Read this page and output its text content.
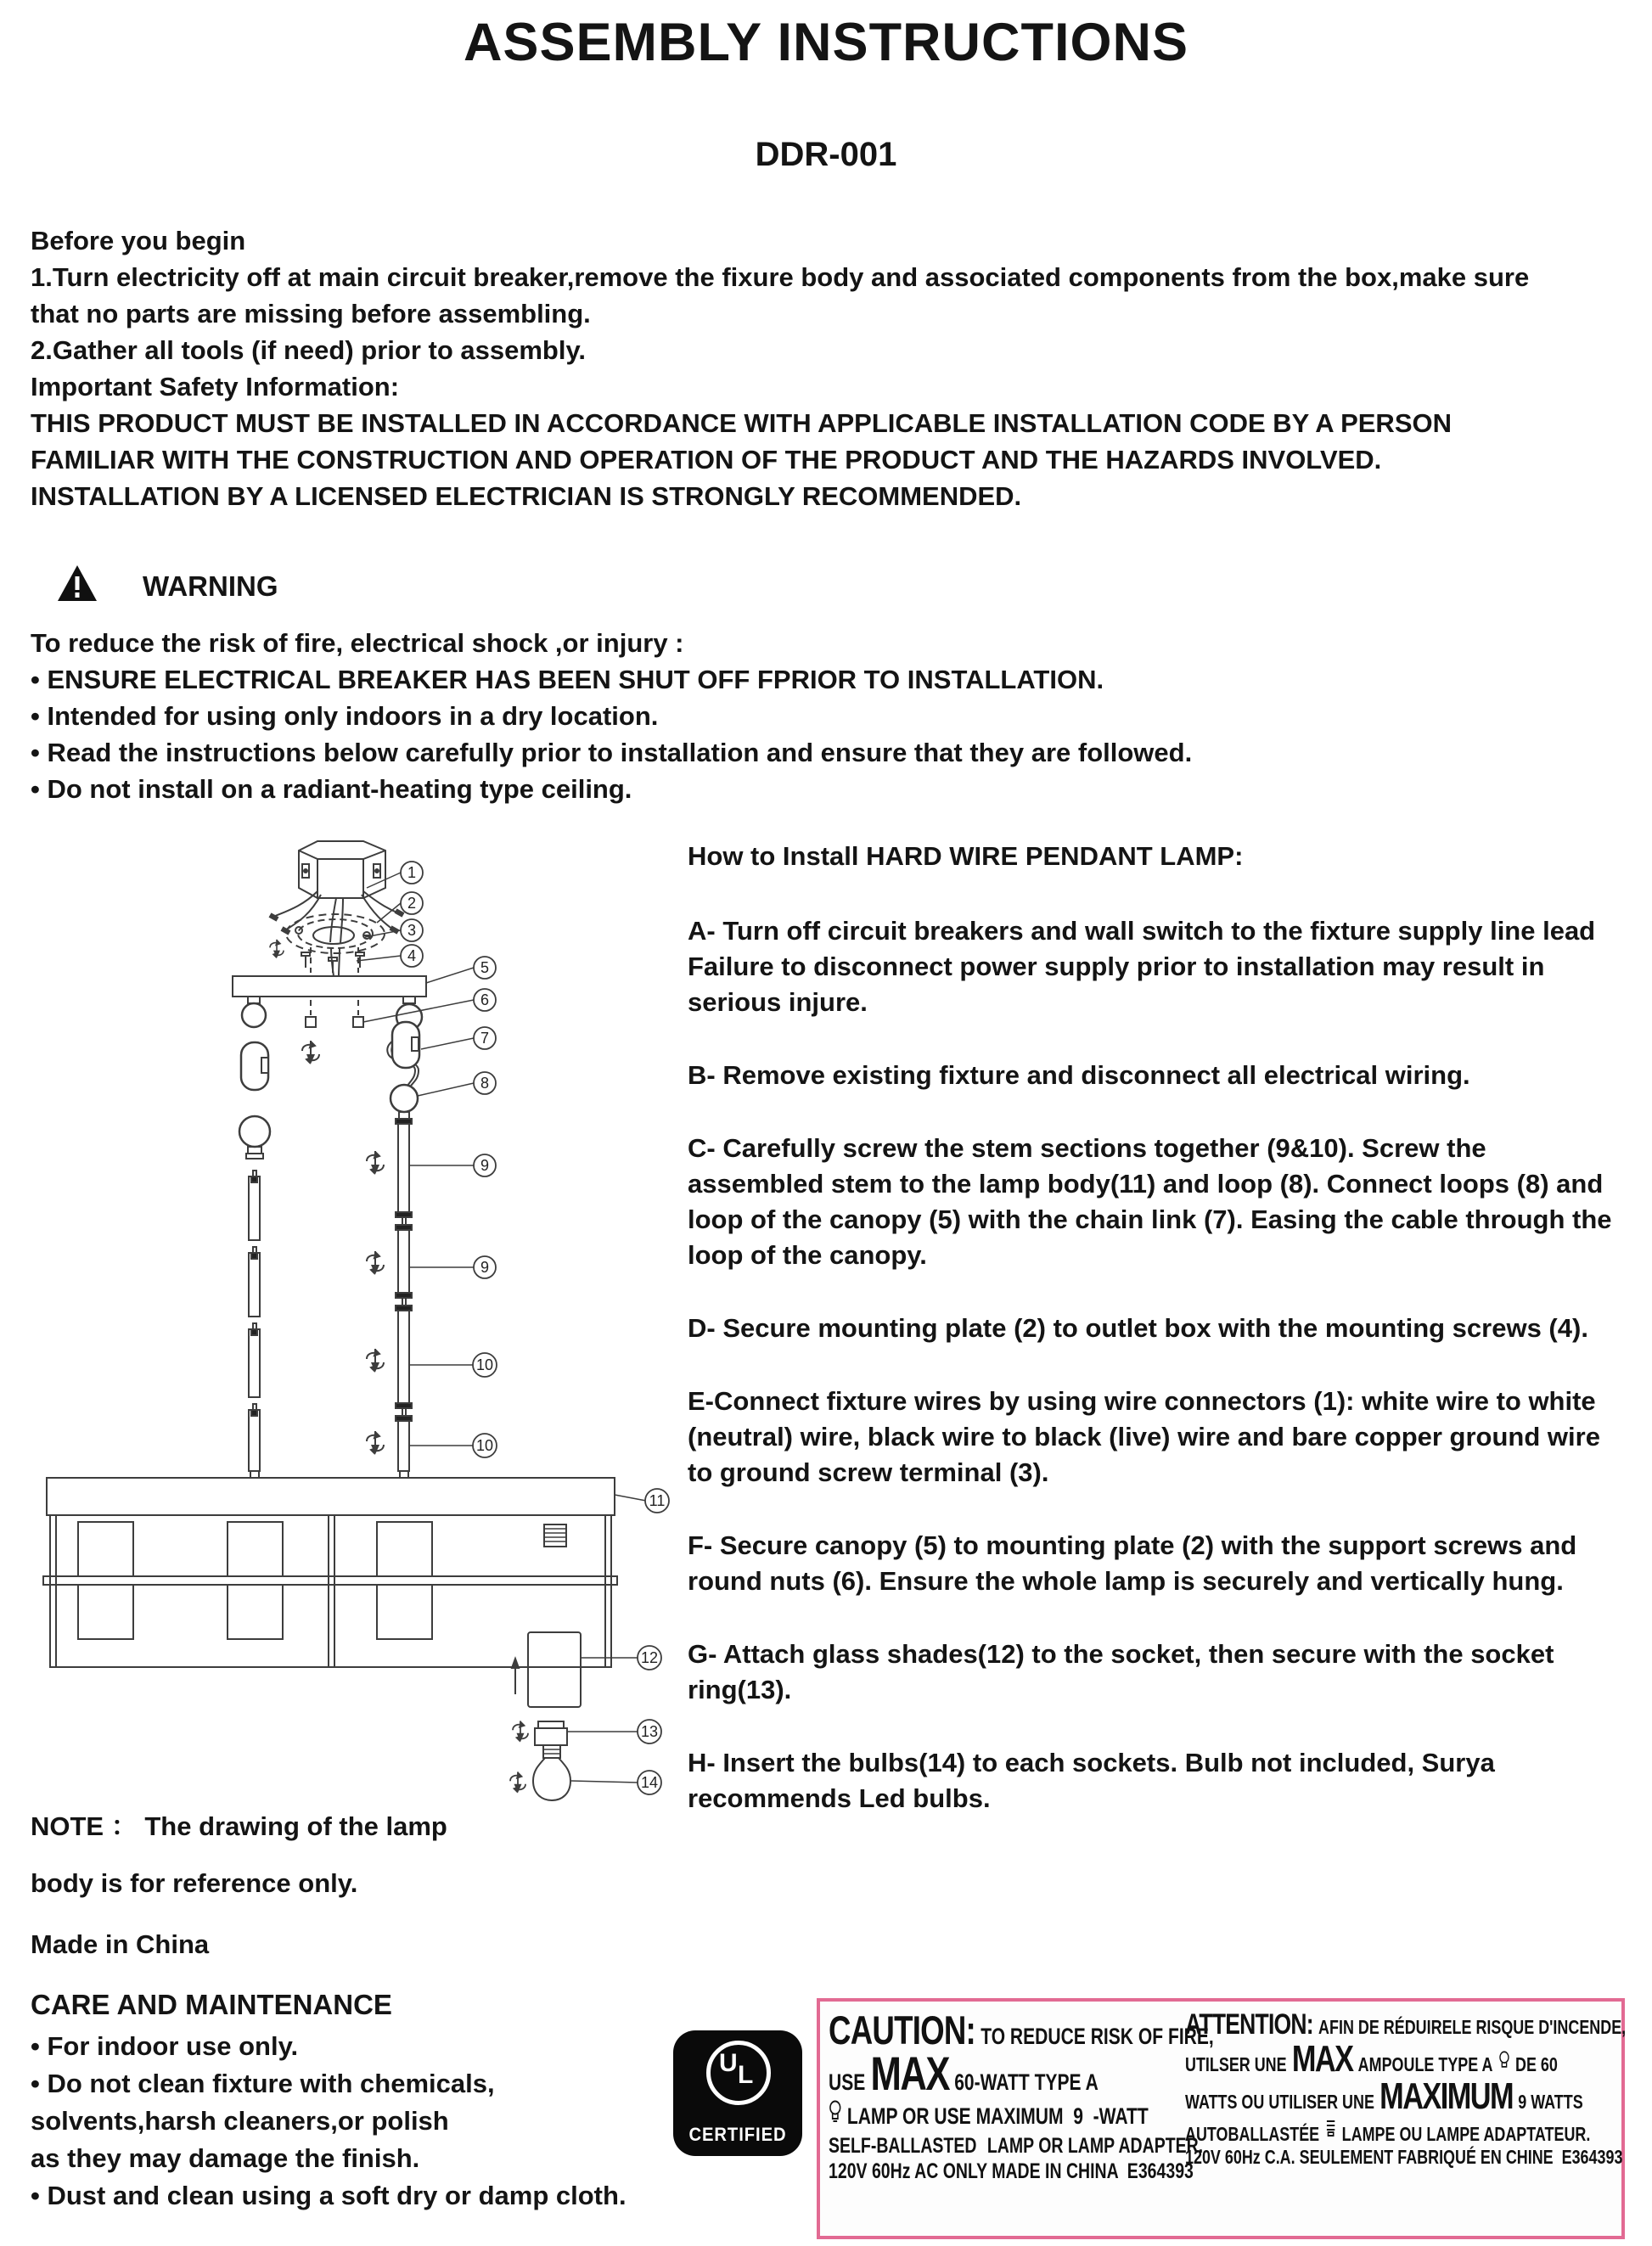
ASSEMBLY INSTRUCTIONS
DDR-001
Before you begin
1.Turn electricity off at main circuit breaker,remove the fixure body and associated components from the box,make sure that no parts are missing before assembling.
2.Gather all tools (if need) prior to assembly.
Important Safety Information:
THIS PRODUCT MUST BE INSTALLED IN ACCORDANCE WITH APPLICABLE INSTALLATION CODE BY A PERSON FAMILIAR WITH THE CONSTRUCTION AND OPERATION OF THE PRODUCT AND THE HAZARDS INVOLVED. INSTALLATION BY A LICENSED ELECTRICIAN IS STRONGLY RECOMMENDED.
WARNING
To reduce the risk of fire, electrical shock ,or injury :
• ENSURE ELECTRICAL BREAKER HAS BEEN SHUT OFF FPRIOR TO INSTALLATION.
• Intended for using only indoors in a dry location.
• Read the instructions below carefully prior to installation and ensure that they are followed.
• Do not install on a radiant-heating type ceiling.
1
2
3
4
5
6
7
8
9
9
10
10
11
12
13
14
How to Install HARD WIRE PENDANT LAMP:
A- Turn off circuit breakers and wall switch to the fixture supply line lead Failure to disconnect power supply prior to installation may result in serious injure.
B- Remove existing fixture and disconnect all electrical wiring.
C- Carefully screw the stem sections together (9&10). Screw the assembled stem to the lamp body(11) and loop (8). Connect loops (8) and loop of the canopy (5) with the chain link (7). Easing the cable through the loop of the canopy.
D- Secure mounting plate (2) to outlet box with the mounting screws (4).
E-Connect fixture wires by using wire connectors (1): white wire to white (neutral) wire, black wire to black (live) wire and bare copper ground wire to ground screw terminal (3).
F- Secure canopy (5) to mounting plate (2) with the support screws and round nuts (6). Ensure the whole lamp is securely and vertically hung.
G- Attach glass shades(12) to the socket, then secure with the socket ring(13).
H- Insert the bulbs(14) to each sockets. Bulb not included, Surya recommends Led bulbs.
NOTE ： The drawing of the lamp
body is for reference only.
Made in China
CARE AND MAINTENANCE
• For indoor use only.
• Do not clean fixture with chemicals,
solvents,harsh cleaners,or polish
as they may damage the finish.
• Dust and clean using a soft dry or damp cloth.
U L
CERTIFIED
CAUTION: TO REDUCE RISK OF FIRE,
USE MAX 60-WATT TYPE A
LAMP OR USE MAXIMUM  9  -WATT
SELF-BALLASTED LAMP OR LAMP ADAPTER.
120V 60Hz AC ONLY MADE IN CHINA  E364393
ATTENTION: AFIN DE RÉDUIRELE RISQUE D'INCENDE,
UTILSER UNE MAX AMPOULE TYPE A DE 60
WATTS OU UTILISER UNE MAXIMUM 9 WATTS
AUTOBALLASTÉE LAMPE OU LAMPE ADAPTATEUR.
120V 60Hz C.A. SEULEMENT FABRIQUÉ EN CHINE  E364393
